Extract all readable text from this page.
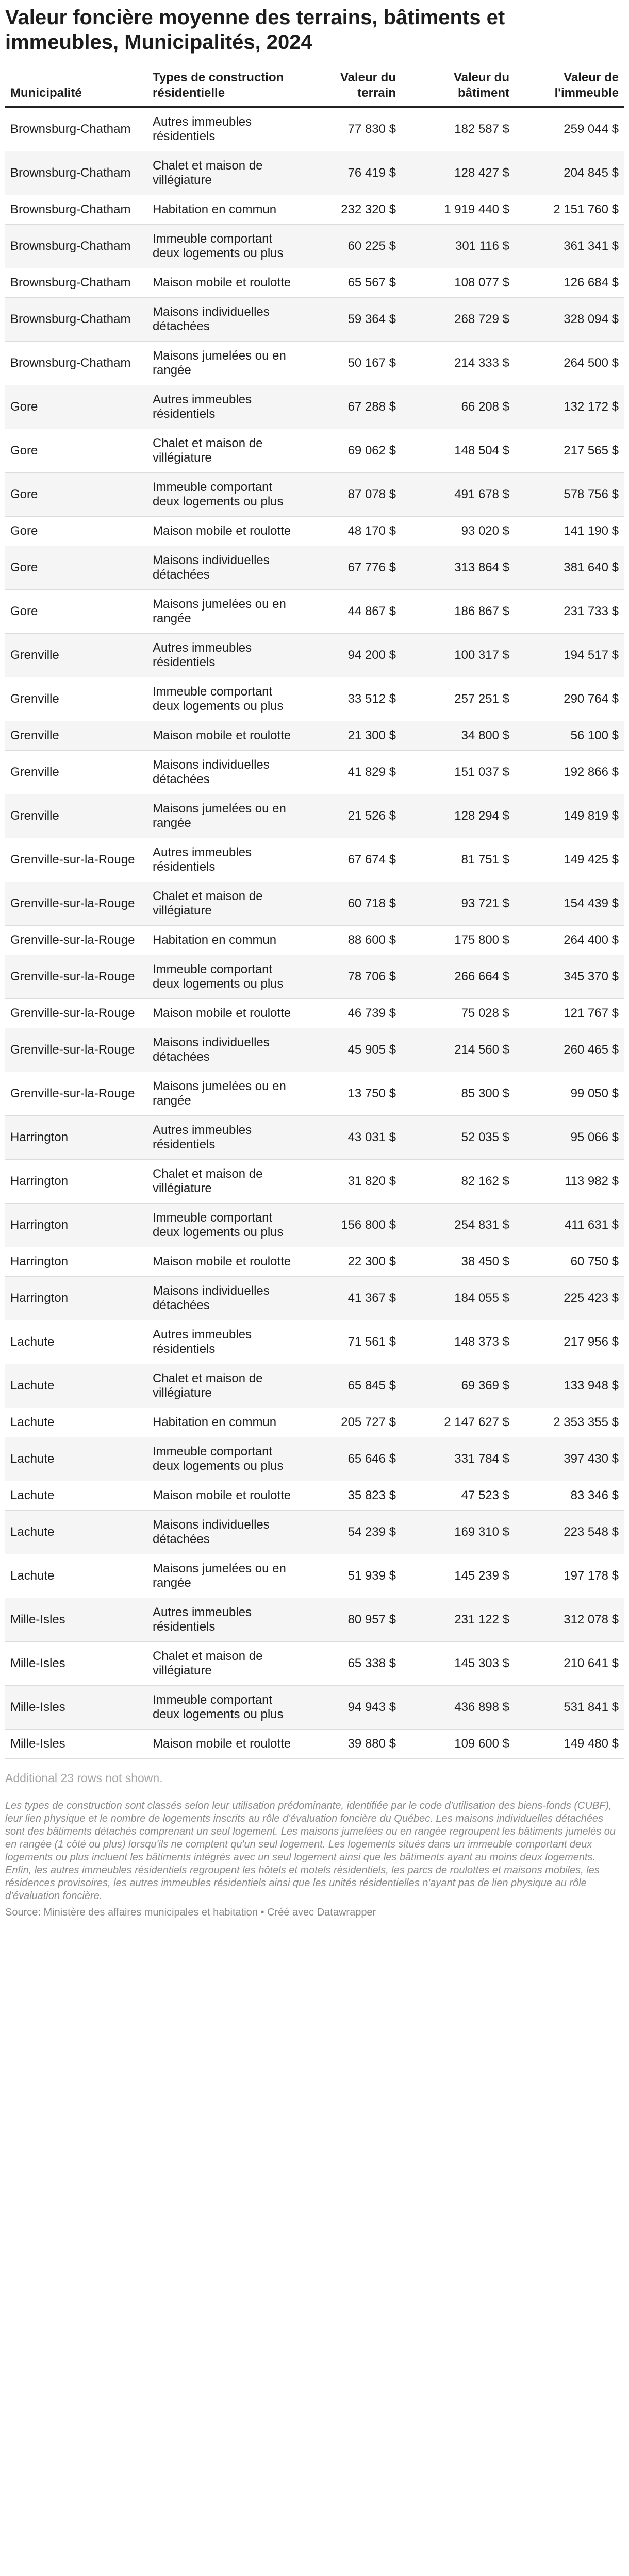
Valeur foncière moyenne des terrains, bâtiments et immeubles, Municipalités, 2024
Municipalité	Types de construction résidentielle	Valeur du terrain	Valeur du bâtiment	Valeur de l'immeuble
Brownsburg-Chatham	Autres immeubles résidentiels	77 830 $	182 587 $	259 044 $
Brownsburg-Chatham	Chalet et maison de villégiature	76 419 $	128 427 $	204 845 $
Brownsburg-Chatham	Habitation en commun	232 320 $	1 919 440 $	2 151 760 $
Brownsburg-Chatham	Immeuble comportant deux logements ou plus	60 225 $	301 116 $	361 341 $
Brownsburg-Chatham	Maison mobile et roulotte	65 567 $	108 077 $	126 684 $
Brownsburg-Chatham	Maisons individuelles détachées	59 364 $	268 729 $	328 094 $
Brownsburg-Chatham	Maisons jumelées ou en rangée	50 167 $	214 333 $	264 500 $
Gore	Autres immeubles résidentiels	67 288 $	66 208 $	132 172 $
Gore	Chalet et maison de villégiature	69 062 $	148 504 $	217 565 $
Gore	Immeuble comportant deux logements ou plus	87 078 $	491 678 $	578 756 $
Gore	Maison mobile et roulotte	48 170 $	93 020 $	141 190 $
Gore	Maisons individuelles détachées	67 776 $	313 864 $	381 640 $
Gore	Maisons jumelées ou en rangée	44 867 $	186 867 $	231 733 $
Grenville	Autres immeubles résidentiels	94 200 $	100 317 $	194 517 $
Grenville	Immeuble comportant deux logements ou plus	33 512 $	257 251 $	290 764 $
Grenville	Maison mobile et roulotte	21 300 $	34 800 $	56 100 $
Grenville	Maisons individuelles détachées	41 829 $	151 037 $	192 866 $
Grenville	Maisons jumelées ou en rangée	21 526 $	128 294 $	149 819 $
Grenville-sur-la-Rouge	Autres immeubles résidentiels	67 674 $	81 751 $	149 425 $
Grenville-sur-la-Rouge	Chalet et maison de villégiature	60 718 $	93 721 $	154 439 $
Grenville-sur-la-Rouge	Habitation en commun	88 600 $	175 800 $	264 400 $
Grenville-sur-la-Rouge	Immeuble comportant deux logements ou plus	78 706 $	266 664 $	345 370 $
Grenville-sur-la-Rouge	Maison mobile et roulotte	46 739 $	75 028 $	121 767 $
Grenville-sur-la-Rouge	Maisons individuelles détachées	45 905 $	214 560 $	260 465 $
Grenville-sur-la-Rouge	Maisons jumelées ou en rangée	13 750 $	85 300 $	99 050 $
Harrington	Autres immeubles résidentiels	43 031 $	52 035 $	95 066 $
Harrington	Chalet et maison de villégiature	31 820 $	82 162 $	113 982 $
Harrington	Immeuble comportant deux logements ou plus	156 800 $	254 831 $	411 631 $
Harrington	Maison mobile et roulotte	22 300 $	38 450 $	60 750 $
Harrington	Maisons individuelles détachées	41 367 $	184 055 $	225 423 $
Lachute	Autres immeubles résidentiels	71 561 $	148 373 $	217 956 $
Lachute	Chalet et maison de villégiature	65 845 $	69 369 $	133 948 $
Lachute	Habitation en commun	205 727 $	2 147 627 $	2 353 355 $
Lachute	Immeuble comportant deux logements ou plus	65 646 $	331 784 $	397 430 $
Lachute	Maison mobile et roulotte	35 823 $	47 523 $	83 346 $
Lachute	Maisons individuelles détachées	54 239 $	169 310 $	223 548 $
Lachute	Maisons jumelées ou en rangée	51 939 $	145 239 $	197 178 $
Mille-Isles	Autres immeubles résidentiels	80 957 $	231 122 $	312 078 $
Mille-Isles	Chalet et maison de villégiature	65 338 $	145 303 $	210 641 $
Mille-Isles	Immeuble comportant deux logements ou plus	94 943 $	436 898 $	531 841 $
Mille-Isles	Maison mobile et roulotte	39 880 $	109 600 $	149 480 $
Additional 23 rows not shown.
Les types de construction sont classés selon leur utilisation prédominante, identifiée par le code d'utilisation des biens-fonds (CUBF), leur lien physique et le nombre de logements inscrits au rôle d'évaluation foncière du Québec. Les maisons individuelles détachées sont des bâtiments détachés comprenant un seul logement. Les maisons jumelées ou en rangée regroupent les bâtiments jumelés ou en rangée (1 côté ou plus) lorsqu'ils ne comptent qu'un seul logement. Les logements situés dans un immeuble comportant deux logements ou plus incluent les bâtiments intégrés avec un seul logement ainsi que les bâtiments ayant au moins deux logements. Enfin, les autres immeubles résidentiels regroupent les hôtels et motels résidentiels, les parcs de roulottes et maisons mobiles, les résidences provisoires, les autres immeubles résidentiels ainsi que les unités résidentielles n'ayant pas de lien physique au rôle d'évaluation foncière.
Source: Ministère des affaires municipales et habitation • Créé avec Datawrapper
